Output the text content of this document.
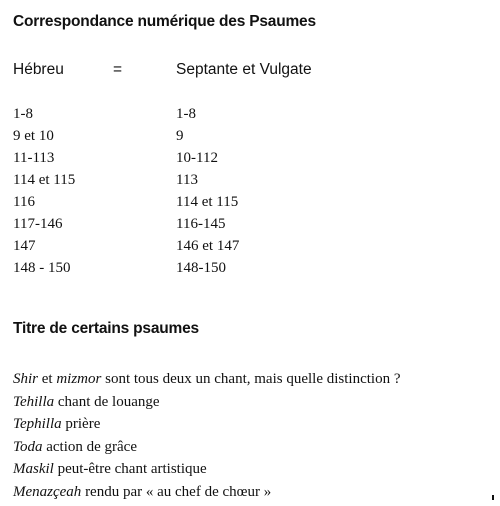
Correspondance numérique des Psaumes
Hébreu	=	Septante et Vulgate
1-8	1-8
9 et 10	9
11-113	10-112
114 et 115	113
116	114 et 115
117-146	116-145
147	146 et 147
148 - 150	148-150
Titre de certains psaumes
Shir et mizmor sont tous deux un chant, mais quelle distinction ?
Tehilla chant de louange
Tephilla prière
Toda action de grâce
Maskil peut-être chant artistique
Menazçeah rendu par « au chef de chœur »
